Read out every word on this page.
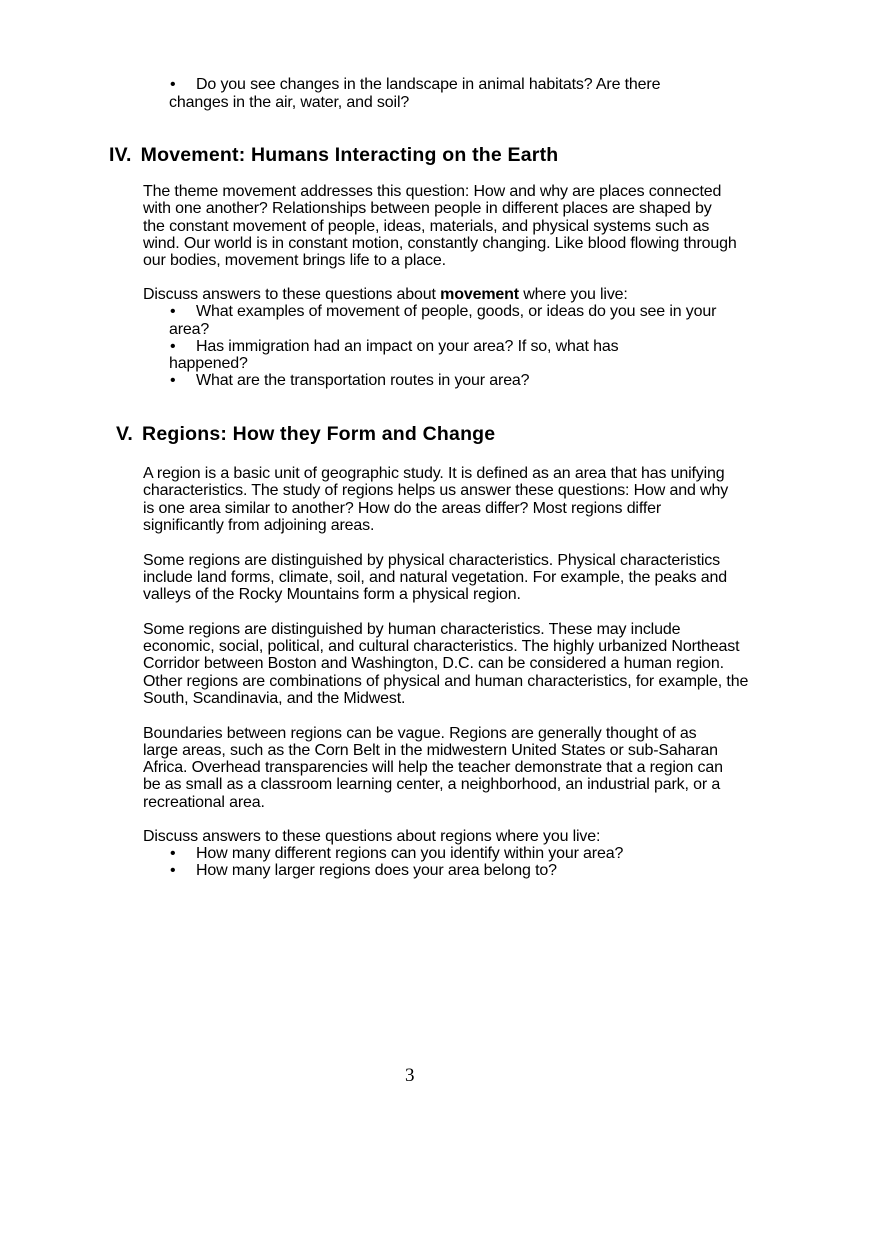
• Do you see changes in the landscape in animal habitats? Are there
changes in the air, water, and soil?
IV. Movement: Humans Interacting on the Earth
The theme movement addresses this question: How and why are places connected
with one another? Relationships between people in different places are shaped by
the constant movement of people, ideas, materials, and physical systems such as
wind. Our world is in constant motion, constantly changing. Like blood flowing through
our bodies, movement brings life to a place.
Discuss answers to these questions about movement where you live:
• What examples of movement of people, goods, or ideas do you see in your
area?
• Has immigration had an impact on your area? If so, what has
happened?
• What are the transportation routes in your area?
V. Regions: How they Form and Change
A region is a basic unit of geographic study. It is defined as an area that has unifying
characteristics. The study of regions helps us answer these questions: How and why
is one area similar to another? How do the areas differ? Most regions differ
significantly from adjoining areas.
Some regions are distinguished by physical characteristics. Physical characteristics
include land forms, climate, soil, and natural vegetation. For example, the peaks and
valleys of the Rocky Mountains form a physical region.
Some regions are distinguished by human characteristics. These may include
economic, social, political, and cultural characteristics. The highly urbanized Northeast
Corridor between Boston and Washington, D.C. can be considered a human region.
Other regions are combinations of physical and human characteristics, for example, the
South, Scandinavia, and the Midwest.
Boundaries between regions can be vague. Regions are generally thought of as
large areas, such as the Corn Belt in the midwestern United States or sub-Saharan
Africa. Overhead transparencies will help the teacher demonstrate that a region can
be as small as a classroom learning center, a neighborhood, an industrial park, or a
recreational area.
Discuss answers to these questions about regions where you live:
• How many different regions can you identify within your area?
• How many larger regions does your area belong to?
3
